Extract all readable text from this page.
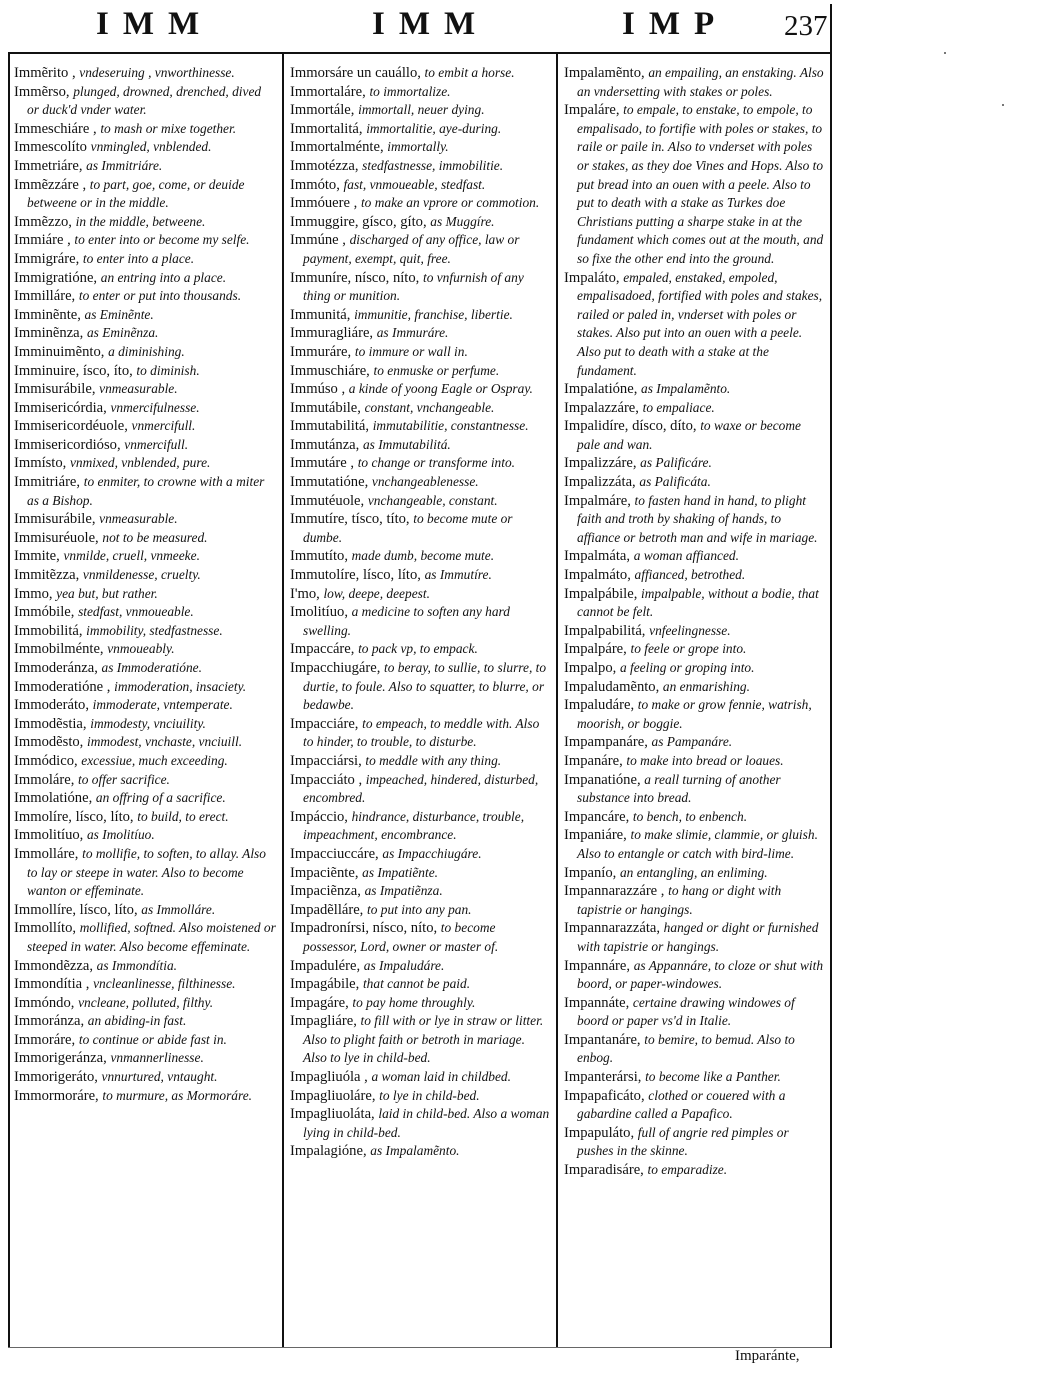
IMM	IMM	IMP 237

Immẽrito , vndeseruing , vnworthinesse.

Immẽrso, plunged, drowned, drenched, dived or duck'd vnder water.

Immeschiáre , to mash or mixe together.

Immescolíto vnmingled, vnblended.

Immetriáre, as Immitriáre.

Immẽzzáre , to part, goe, come, or deuide betweene or in the middle.

Immẽzzo, in the middle, betweene.

Immiáre , to enter into or become my selfe.

Immigráre, to enter into a place.

Immigratióne, an entring into a place.

Immilláre, to enter or put into thousands.

Imminẽnte, as Eminẽnte.

Imminẽnza, as Eminẽnza.

Imminuimẽnto, a diminishing.

Imminuire, ísco, íto, to diminish.

Immisurábile, vnmeasurable.

Immisericórdia, vnmercifulnesse.

Immisericordéuole, vnmercifull.

Immisericordióso, vnmercifull.

Immísto, vnmixed, vnblended, pure.

Immitriáre, to enmiter, to crowne with a miter as a Bishop.

Immisurábile, vnmeasurable.

Immisuréuole, not to be measured.

Immite, vnmilde, cruell, vnmeeke.

Immitẽzza, vnmildenesse, cruelty.

Immo, yea but, but rather.

Immóbile, stedfast, vnmoueable.

Immobilitá, immobility, stedfastnesse.

Immobilménte, vnmoueably.

Immoderánza, as Immoderatióne.

Immoderatióne , immoderation, insaciety.

Immoderáto, immoderate, vntemperate.

Immodẽstia, immodesty, vnciuility.

Immodẽsto, immodest, vnchaste, vnciuill.

Immódico, excessiue, much exceeding.

Immoláre, to offer sacrifice.

Immolatióne, an offring of a sacrifice.

Immolíre, lísco, líto, to build, to erect.

Immolitíuo, as Imolitíuo.

Immolláre, to mollifie, to soften, to allay. Also to lay or steepe in water. Also to become wanton or effeminate.

Immollíre, lísco, líto, as Immolláre.

Immollíto, mollified, softned. Also moistened or steeped in water. Also become effeminate.

Immondẽzza, as Immondítia.

Immondítia , vncleanlinesse, filthinesse.

Immóndo, vncleane, polluted, filthy.

Immoránza, an abiding-in fast.

Immoráre, to continue or abide fast in.

Immorigeránza, vnmannerlinesse.

Immorigeráto, vnnurtured, vntaught.

Immormoráre, to murmure, as Mormoráre.

Immorsáre un cauállo, to embit a horse.

Immortaláre, to immortalize.

Immortále, immortall, neuer dying.

Immortalitá, immortalitie, aye-during.

Immortalménte, immortally.

Immotézza, stedfastnesse, immobilitie.

Immóto, fast, vnmoueable, stedfast.

Immóuere , to make an vprore or commotion.

Immuggire, gísco, gíto, as Muggíre.

Immúne , discharged of any office, law or payment, exempt, quit, free.

Immuníre, nísco, níto, to vnfurnish of any thing or munition.

Immunitá, immunitie, franchise, libertie.

Immuragliáre, as Immuráre.

Immuráre, to immure or wall in.

Immuschiáre, to enmuske or perfume.

Immúso , a kinde of yoong Eagle or Ospray.

Immutábile, constant, vnchangeable.

Immutabilitá, immutabilitie, constantnesse.

Immutánza, as Immutabilitá.

Immutáre , to change or transforme into.

Immutatióne, vnchangeablenesse.

Immutéuole, vnchangeable, constant.

Immutíre, tísco, títo, to become mute or dumbe.

Immutíto, made dumb, become mute.

Immutolíre, lísco, líto, as Immutíre.

I'mo, low, deepe, deepest.

Imolitíuo, a medicine to soften any hard swelling.

Impaccáre, to pack vp, to empack.

Impacchiugáre, to beray, to sullie, to slurre, to durtie, to foule. Also to squatter, to blurre, or bedawbe.

Impacciáre, to empeach, to meddle with. Also to hinder, to trouble, to disturbe.

Impacciársi, to meddle with any thing.

Impacciáto , impeached, hindered, disturbed, encombred.

Impáccio, hindrance, disturbance, trouble, impeachment, encombrance.

Impacciuccáre, as Impacchiugáre.

Impaciẽnte, as Impatiẽnte.

Impaciẽnza, as Impatiẽnza.

Impadẽlláre, to put into any pan.

Impadronírsi, nísco, níto, to become possessor, Lord, owner or master of.

Impadulére, as Impaludáre.

Impagábile, that cannot be paid.

Impagáre, to pay home throughly.

Impagliáre, to fill with or lye in straw or litter. Also to plight faith or betroth in mariage. Also to lye in child-bed.

Impagliuóla , a woman laid in childbed.

Impagliuoláre, to lye in child-bed.

Impagliuoláta, laid in child-bed. Also a woman lying in child-bed.

Impalagióne, as Impalamẽnto.

Impalamẽnto, an empailing, an enstaking. Also an vndersetting with stakes or poles.

Impaláre, to empale, to enstake, to empole, to empalisado, to fortifie with poles or stakes, to raile or paile in. Also to vnderset with poles or stakes, as they doe Vines and Hops. Also to put bread into an ouen with a peele. Also to put to death with a stake as Turkes doe Christians putting a sharpe stake in at the fundament which comes out at the mouth, and so fixe the other end into the ground.

Impaláto, empaled, enstaked, empoled, empalisadoed, fortified with poles and stakes, railed or paled in, vnderset with poles or stakes. Also put into an ouen with a peele. Also put to death with a stake at the fundament.

Impalatióne, as Impalamẽnto.

Impalazzáre, to empaliace.

Impalidíre, dísco, díto, to waxe or become pale and wan.

Impalizzáre, as Palificáre.

Impalizzáta, as Palificáta.

Impalmáre, to fasten hand in hand, to plight faith and troth by shaking of hands, to affiance or betroth man and wife in mariage.

Impalmáta, a woman affianced.

Impalmáto, affianced, betrothed.

Impalpábile, impalpable, without a bodie, that cannot be felt.

Impalpabilitá, vnfeelingnesse.

Impalpáre, to feele or grope into.

Impalpo, a feeling or groping into.

Impaludamẽnto, an enmarishing.

Impaludáre, to make or grow fennie, watrish, moorish, or boggie.

Impampanáre, as Pampanáre.

Impanáre, to make into bread or loaues.

Impanatióne, a reall turning of another substance into bread.

Impancáre, to bench, to enbench.

Impaniáre, to make slimie, clammie, or gluish. Also to entangle or catch with bird-lime.

Impanío, an entangling, an enliming.

Impannarazzáre , to hang or dight with tapistrie or hangings.

Impannarazzáta, hanged or dight or furnished with tapistrie or hangings.

Impannáre, as Appannáre, to cloze or shut with boord, or paper-windowes.

Impannáte, certaine drawing windowes of boord or paper vs'd in Italie.

Impantanáre, to bemire, to bemud. Also to enbog.

Impanterársi, to become like a Panther.

Impapaficáto, clothed or couered with a gabardine called a Papafico.

Impapuláto, full of angrie red pimples or pushes in the skinne.

Imparadisáre, to emparadize.

Imparánte,
